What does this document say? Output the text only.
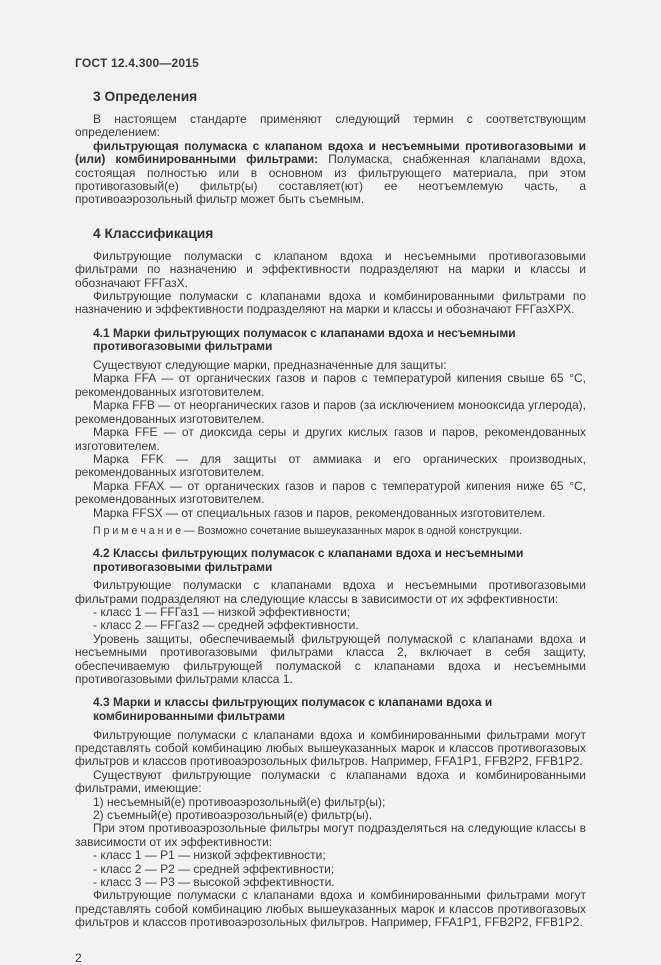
ГОСТ 12.4.300—2015
3 Определения

В настоящем стандарте применяют следующий термин с соответствующим определением:

фильтрующая полумаска с клапаном вдоха и несъемными противогазовыми и (или) комбинированными фильтрами: Полумаска, снабженная клапанами вдоха, состоящая полностью или в основном из фильтрующего материала, при этом противогазовый(е) фильтр(ы) составляет(ют) ее неотъемлемую часть, а противоаэрозольный фильтр может быть съемным.

4 Классификация

Фильтрующие полумаски с клапаном вдоха и несъемными противогазовыми фильтрами по назначению и эффективности подразделяют на марки и классы и обозначают FFГазХ.

Фильтрующие полумаски с клапанами вдоха и комбинированными фильтрами по назначению и эффективности подразделяют на марки и классы и обозначают FFГазХРХ.

4.1 Марки фильтрующих полумасок с клапанами вдоха и несъемными противогазовыми фильтрами

Существуют следующие марки, предназначенные для защиты:

Марка FFA — от органических газов и паров с температурой кипения свыше 65 °C, рекомендованных изготовителем.

Марка FFB — от неорганических газов и паров (за исключением монооксида углерода), рекомендованных изготовителем.

Марка FFE — от диоксида серы и других кислых газов и паров, рекомендованных изготовителем.

Марка FFK — для защиты от аммиака и его органических производных, рекомендованных изготовителем.

Марка FFAX — от органических газов и паров с температурой кипения ниже 65 °C, рекомендованных изготовителем.

Марка FFSX — от специальных газов и паров, рекомендованных изготовителем.

П р и м е ч а н и е — Возможно сочетание вышеуказанных марок в одной конструкции.

4.2 Классы фильтрующих полумасок с клапанами вдоха и несъемными противогазовыми фильтрами

Фильтрующие полумаски с клапанами вдоха и несъемными противогазовыми фильтрами подразделяют на следующие классы в зависимости от их эффективности:

- класс 1 — FFГаз1 — низкой эффективности;

- класс 2 — FFГаз2 — средней эффективности.

Уровень защиты, обеспечиваемый фильтрующей полумаской с клапанами вдоха и несъемными противогазовыми фильтрами класса 2, включает в себя защиту, обеспечиваемую фильтрующей полумаской с клапанами вдоха и несъемными противогазовыми фильтрами класса 1.

4.3 Марки и классы фильтрующих полумасок с клапанами вдоха и комбинированными фильтрами

Фильтрующие полумаски с клапанами вдоха и комбинированными фильтрами могут представлять собой комбинацию любых вышеуказанных марок и классов противогазовых фильтров и классов противоаэрозольных фильтров. Например, FFA1P1, FFB2P2, FFB1P2.

Существуют фильтрующие полумаски с клапанами вдоха и комбинированными фильтрами, имеющие:

1) несъемный(е) противоаэрозольный(е) фильтр(ы);

2) съемный(е) противоаэрозольный(е) фильтр(ы).

При этом противоаэрозольные фильтры могут подразделяться на следующие классы в зависимости от их эффективности:

- класс 1 — P1 — низкой эффективности;

- класс 2 — P2 — средней эффективности;

- класс 3 — P3 — высокой эффективности.

Фильтрующие полумаски с клапанами вдоха и комбинированными фильтрами могут представлять собой комбинацию любых вышеуказанных марок и классов противогазовых фильтров и классов противоаэрозольных фильтров. Например, FFA1P1, FFB2P2, FFB1P2.

2
